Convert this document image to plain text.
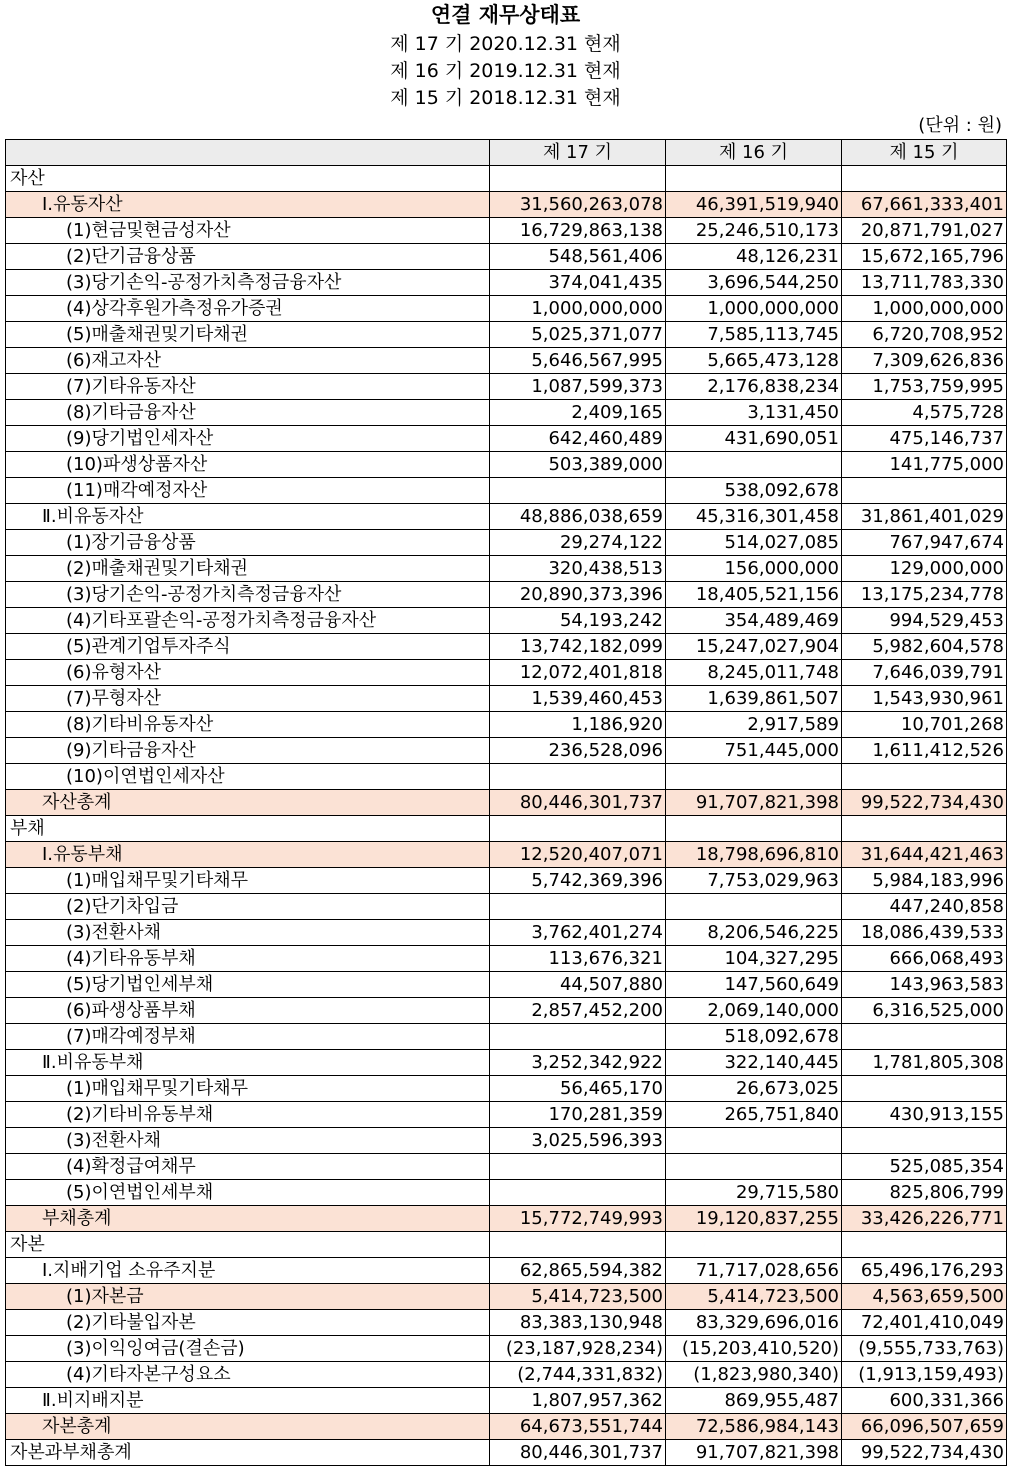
연결 재무상태표
제 17 기 2020.12.31 현재
제 16 기 2019.12.31 현재
제 15 기 2018.12.31 현재
(단위 : 원)
	제 17 기	제 16 기	제 15 기
자산			
Ⅰ.유동자산	31,560,263,078	46,391,519,940	67,661,333,401
(1)현금및현금성자산	16,729,863,138	25,246,510,173	20,871,791,027
(2)단기금융상품	548,561,406	48,126,231	15,672,165,796
(3)당기손익-공정가치측정금융자산	374,041,435	3,696,544,250	13,711,783,330
(4)상각후원가측정유가증권	1,000,000,000	1,000,000,000	1,000,000,000
(5)매출채권및기타채권	5,025,371,077	7,585,113,745	6,720,708,952
(6)재고자산	5,646,567,995	5,665,473,128	7,309,626,836
(7)기타유동자산	1,087,599,373	2,176,838,234	1,753,759,995
(8)기타금융자산	2,409,165	3,131,450	4,575,728
(9)당기법인세자산	642,460,489	431,690,051	475,146,737
(10)파생상품자산	503,389,000		141,775,000
(11)매각예정자산		538,092,678	
Ⅱ.비유동자산	48,886,038,659	45,316,301,458	31,861,401,029
(1)장기금융상품	29,274,122	514,027,085	767,947,674
(2)매출채권및기타채권	320,438,513	156,000,000	129,000,000
(3)당기손익-공정가치측정금융자산	20,890,373,396	18,405,521,156	13,175,234,778
(4)기타포괄손익-공정가치측정금융자산	54,193,242	354,489,469	994,529,453
(5)관계기업투자주식	13,742,182,099	15,247,027,904	5,982,604,578
(6)유형자산	12,072,401,818	8,245,011,748	7,646,039,791
(7)무형자산	1,539,460,453	1,639,861,507	1,543,930,961
(8)기타비유동자산	1,186,920	2,917,589	10,701,268
(9)기타금융자산	236,528,096	751,445,000	1,611,412,526
(10)이연법인세자산			
자산총계	80,446,301,737	91,707,821,398	99,522,734,430
부채			
Ⅰ.유동부채	12,520,407,071	18,798,696,810	31,644,421,463
(1)매입채무및기타채무	5,742,369,396	7,753,029,963	5,984,183,996
(2)단기차입금			447,240,858
(3)전환사채	3,762,401,274	8,206,546,225	18,086,439,533
(4)기타유동부채	113,676,321	104,327,295	666,068,493
(5)당기법인세부채	44,507,880	147,560,649	143,963,583
(6)파생상품부채	2,857,452,200	2,069,140,000	6,316,525,000
(7)매각예정부채		518,092,678	
Ⅱ.비유동부채	3,252,342,922	322,140,445	1,781,805,308
(1)매입채무및기타채무	56,465,170	26,673,025	
(2)기타비유동부채	170,281,359	265,751,840	430,913,155
(3)전환사채	3,025,596,393		
(4)확정급여채무			525,085,354
(5)이연법인세부채		29,715,580	825,806,799
부채총계	15,772,749,993	19,120,837,255	33,426,226,771
자본			
Ⅰ.지배기업 소유주지분	62,865,594,382	71,717,028,656	65,496,176,293
(1)자본금	5,414,723,500	5,414,723,500	4,563,659,500
(2)기타불입자본	83,383,130,948	83,329,696,016	72,401,410,049
(3)이익잉여금(결손금)	(23,187,928,234)	(15,203,410,520)	(9,555,733,763)
(4)기타자본구성요소	(2,744,331,832)	(1,823,980,340)	(1,913,159,493)
Ⅱ.비지배지분	1,807,957,362	869,955,487	600,331,366
자본총계	64,673,551,744	72,586,984,143	66,096,507,659
자본과부채총계	80,446,301,737	91,707,821,398	99,522,734,430
